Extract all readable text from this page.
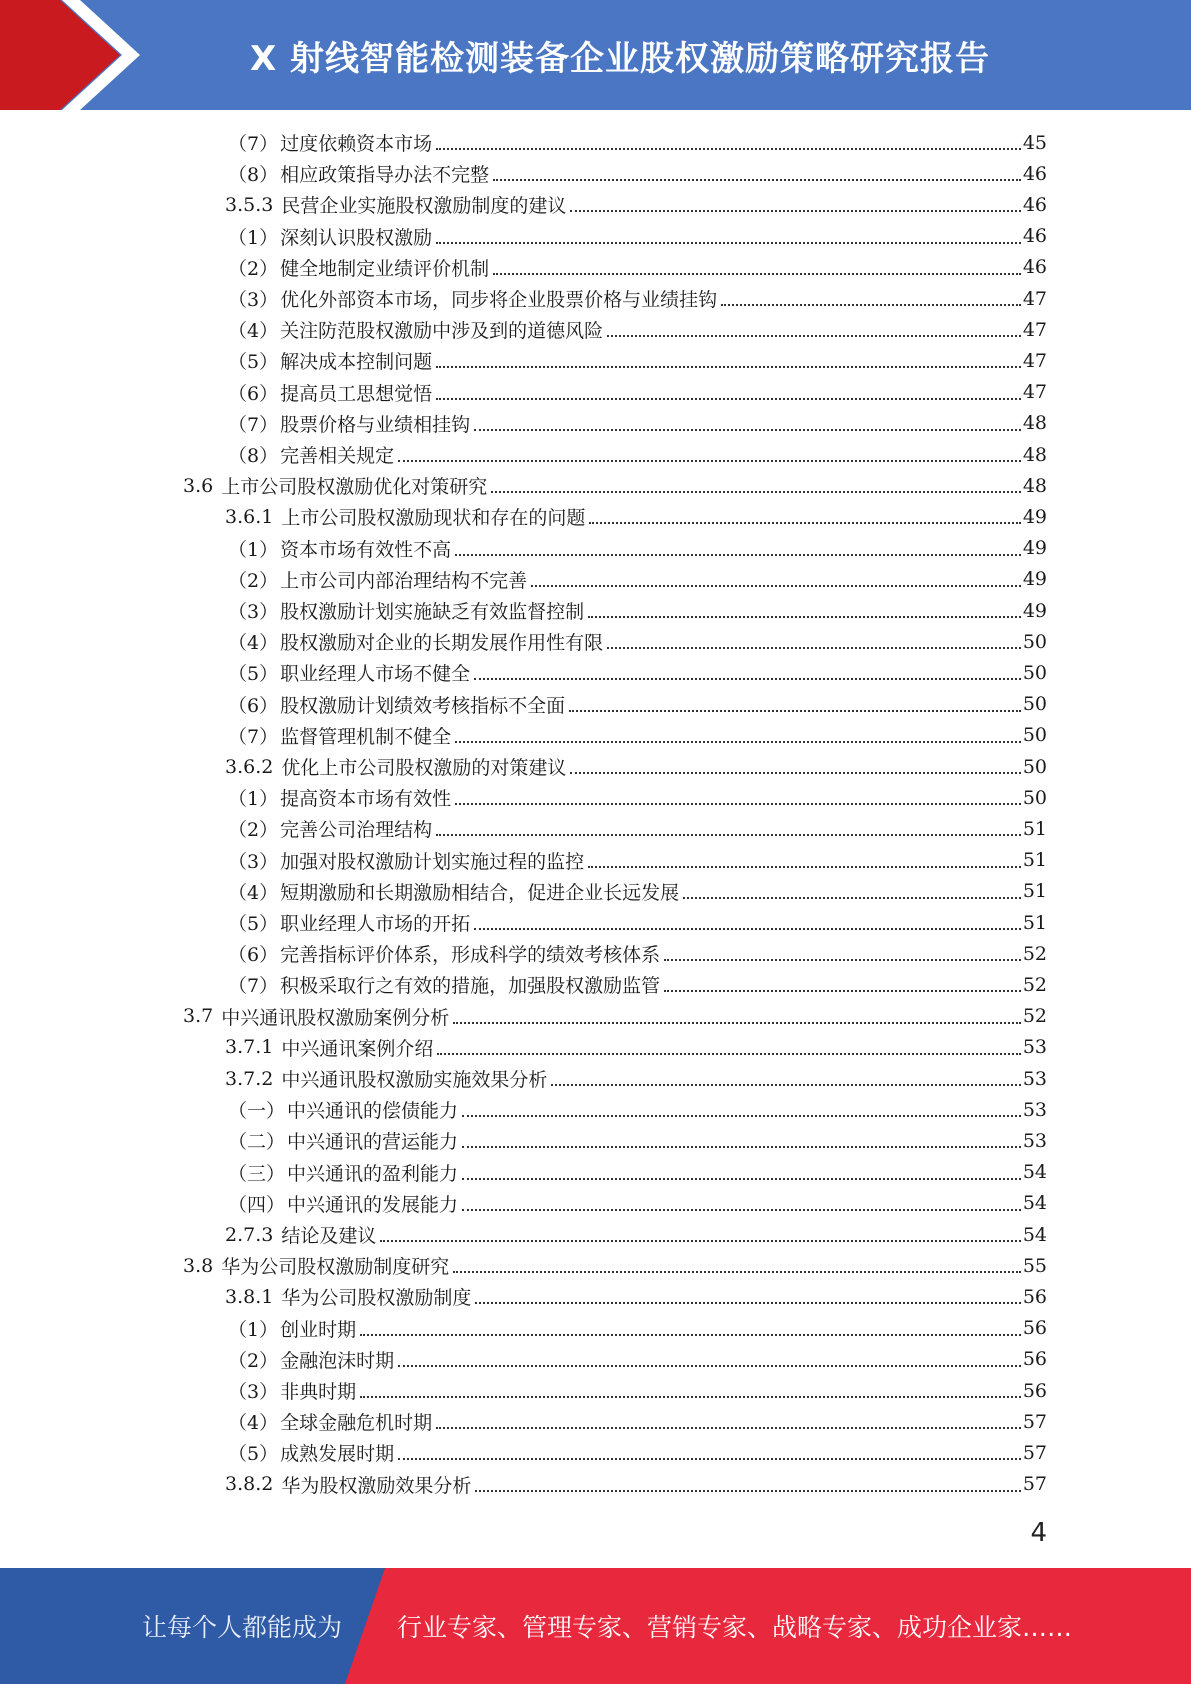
X 射线智能检测装备企业股权激励策略研究报告
（7） 过度依赖资本市场	45
（8） 相应政策指导办法不完整	46
3.5.3 民营企业实施股权激励制度的建议	46
（1） 深刻认识股权激励	46
（2） 健全地制定业绩评价机制	46
（3） 优化外部资本市场，同步将企业股票价格与业绩挂钩	47
（4） 关注防范股权激励中涉及到的道德风险	47
（5） 解决成本控制问题	47
（6） 提高员工思想觉悟	47
（7） 股票价格与业绩相挂钩	48
（8） 完善相关规定	48
3.6 上市公司股权激励优化对策研究	48
3.6.1 上市公司股权激励现状和存在的问题	49
（1） 资本市场有效性不高	49
（2） 上市公司内部治理结构不完善	49
（3） 股权激励计划实施缺乏有效监督控制	49
（4） 股权激励对企业的长期发展作用性有限	50
（5） 职业经理人市场不健全	50
（6） 股权激励计划绩效考核指标不全面	50
（7） 监督管理机制不健全	50
3.6.2 优化上市公司股权激励的对策建议	50
（1） 提高资本市场有效性	50
（2） 完善公司治理结构	51
（3） 加强对股权激励计划实施过程的监控	51
（4） 短期激励和长期激励相结合，促进企业长远发展	51
（5） 职业经理人市场的开拓	51
（6） 完善指标评价体系，形成科学的绩效考核体系	52
（7） 积极采取行之有效的措施，加强股权激励监管	52
3.7 中兴通讯股权激励案例分析	52
3.7.1 中兴通讯案例介绍	53
3.7.2 中兴通讯股权激励实施效果分析	53
（一） 中兴通讯的偿债能力	53
（二） 中兴通讯的营运能力	53
（三） 中兴通讯的盈利能力	54
（四） 中兴通讯的发展能力	54
2.7.3 结论及建议	54
3.8 华为公司股权激励制度研究	55
3.8.1 华为公司股权激励制度	56
（1） 创业时期	56
（2） 金融泡沫时期	56
（3） 非典时期	56
（4） 全球金融危机时期	57
（5） 成熟发展时期	57
3.8.2 华为股权激励效果分析	57
4
让每个人都能成为 行业专家、管理专家、营销专家、战略专家、成功企业家……
